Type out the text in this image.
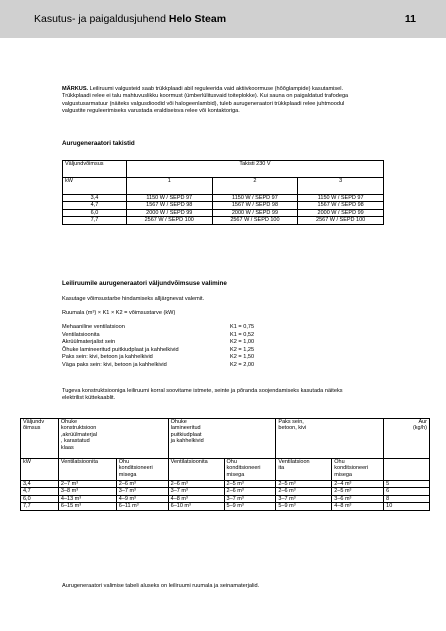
Kasutus- ja paigaldusjuhend Helo Steam	11
MÄRKUS. Leiliruumi valgusteid saab trükkplaadi abil reguleerida vaid aktiivkoormuse (hõõglampide) kasutamisel.
Trükkplaadi relee ei talu mahtuvuslikku koormust (ümberlülitusvaid toiteplokke). Kui sauna on paigaldatud trafodega
valgustusarmatuur (näiteks valgusdioodid või halogeenlambid), tuleb aurugeneraatori trükkplaadi relee juhtmoodul
valgustite reguleerimiseks varustada eraldiseisva relee või kontaktoriga.
Aurugeneraatori takistid
Väljundvõimsus	Takisti 230 V		
kW	1	2	3
3,4	1150 W / SEPD 97	1150 W / SEPD 97	1150 W / SEPD 97
4,7	1567 W / SEPD 98	1567 W / SEPD 98	1567 W / SEPD 98
6,0	2000 W / SEPD 99	2000 W / SEPD 99	2000 W / SEPD 99
7,7	2567 W / SEPD 100	2567 W / SEPD 100	2567 W / SEPD 100
Leiliruumile aurugeneraatori väljundvõimsuse valimine
Kasutage võimsustarbe hindamiseks alljärgnevat valemit.
Ruumala (m³) × K1 × K2 = võimsustarve (kW)
Mehaaniline ventilatsioon	K1 = 0,75
Ventilatsioonita	K1 = 0,52
Akrüülmaterjalist sein	K2 = 1,00
Õhuke lamineeritud puitkiudplaat ja kahhelkivid	K2 = 1,25
Paks sein: kivi, betoon ja kahhelkivid	K2 = 1,50
Väga paks sein: kivi, betoon ja kahhelkivid	K2 = 2,00
Tugeva konstruktsiooniga leiliruumi korral soovitame istmete, seinte ja põranda soojendamiseks kasutada näiteks
elektrilist küttekaablit.
Väljundv
õimsus	Õhuke
konstruktsioon
,akrüülmaterjal
, karastatud
klaas		Õhuke
lamineeritud
puitkiudplaat
ja kahhelkivid		Paks sein,
betoon, kivi		Aur
(kg/h)
kW	Ventilatsioonita	Õhu
konditsioneeri
misega	Ventilatsioonita	Õhu
konditsioneeri
misega	Ventilatsioon
ita	Õhu
konditsioneeri
misega	
3,4	2–7 m³	2–6 m³	2–6 m³	2–5 m³	2–5 m³	2–4 m³	5
4,7	3–8 m³	3–7 m³	3–7 m³	2–6 m³	2–6 m³	2–5 m³	6
6,0	4–13 m³	4–9 m³	4–8 m³	3–7 m³	3–7 m³	3–6 m³	8
7,7	6–15 m³	6–11 m³	6–10 m³	5–9 m³	5–9 m³	4–8 m³	10
Aurugeneraatori valimise tabeli aluseks on leiliruumi ruumala ja seinamaterjalid.
